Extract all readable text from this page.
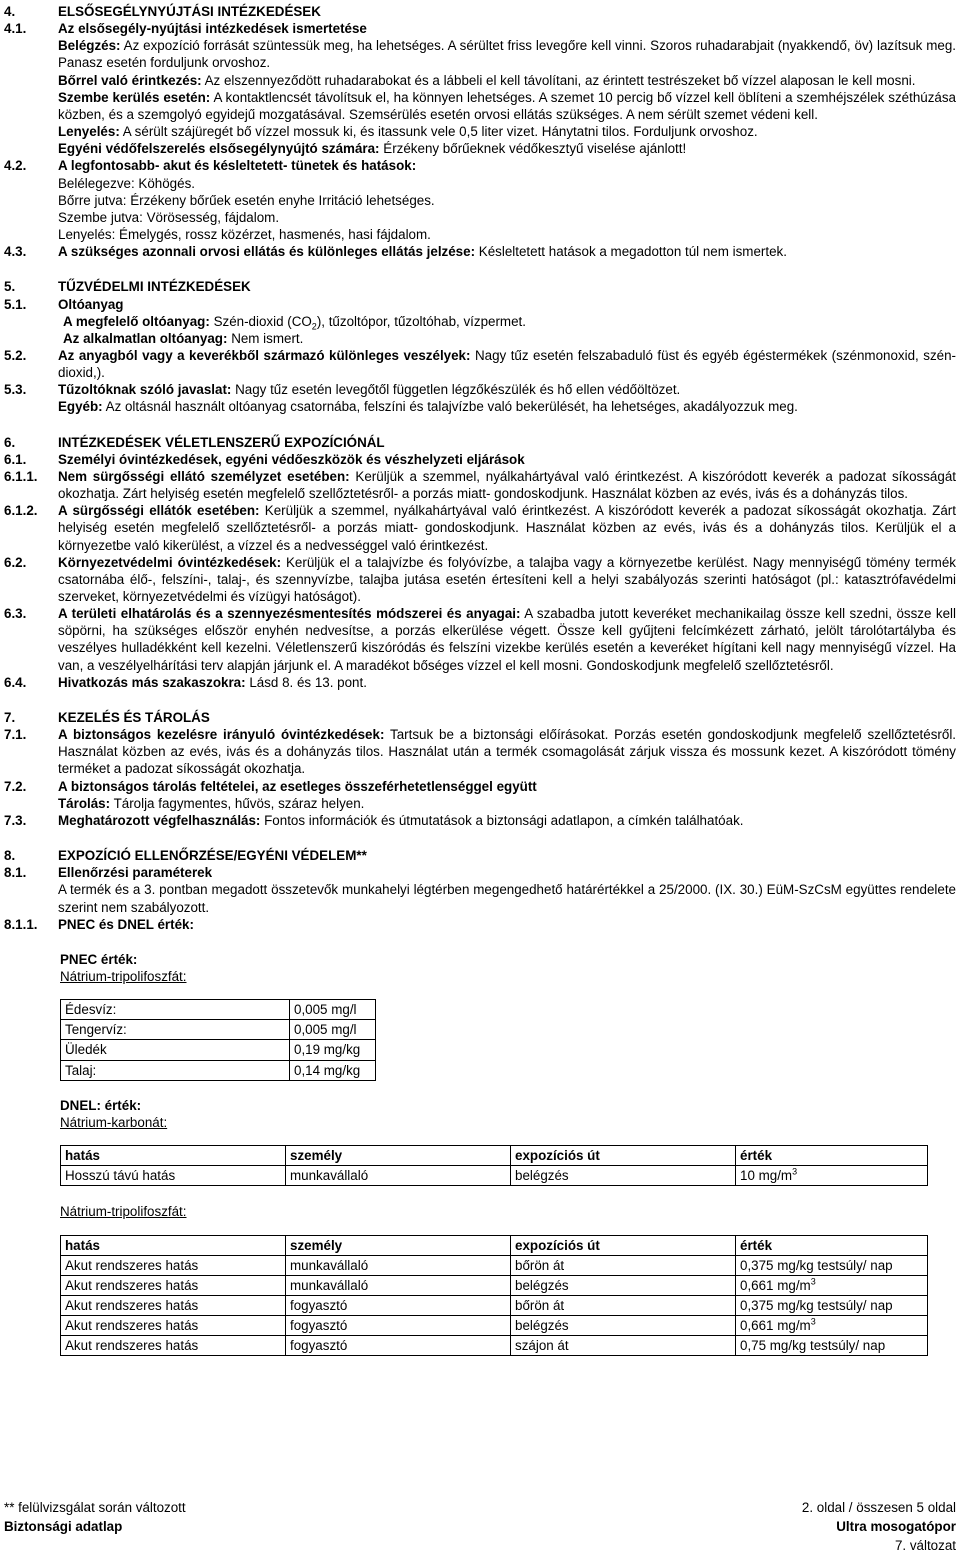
4.	ELSŐSEGÉLYNYÚJTÁSI INTÉZKEDÉSEK
4.1.	Az elsősegély-nyújtási intézkedések ismertetése
Belégzés: Az expozíció forrását szüntessük meg, ha lehetséges. A sérültet friss levegőre kell vinni. Szoros ruhadarabjait (nyakkendő, öv) lazítsuk meg. Panasz esetén forduljunk orvoshoz.
Bőrrel való érintkezés: Az elszennyeződött ruhadarabokat és a lábbeli el kell távolítani, az érintett testrészeket bő vízzel alaposan le kell mosni.
Szembe kerülés esetén: A kontaktlencsét távolítsuk el, ha könnyen lehetséges. A szemet 10 percig bő vízzel kell öblíteni a szemhéjszélek széthúzása közben, és a szemgolyó egyidejű mozgatásával. Szemsérülés esetén orvosi ellátás szükséges. A nem sérült szemet védeni kell.
Lenyelés: A sérült szájüregét bő vízzel mossuk ki, és itassunk vele 0,5 liter vizet. Hánytatni tilos. Forduljunk orvoshoz.
Egyéni védőfelszerelés elsősegélynyújtó számára: Érzékeny bőrűeknek védőkesztyű viselése ajánlott!
4.2.	A legfontosabb- akut és késleltetett- tünetek és hatások:
Belélegezve: Köhögés.
Bőrre jutva: Érzékeny bőrűek esetén enyhe Irritáció lehetséges.
Szembe jutva: Vörösesség, fájdalom.
Lenyelés: Émelygés, rossz közérzet, hasmenés, hasi fájdalom.
4.3.	A szükséges azonnali orvosi ellátás és különleges ellátás jelzése: Késleltetett hatások a megadotton túl nem ismertek.
5.	TŰZVÉDELMI INTÉZKEDÉSEK
5.1.	Oltóanyag
A megfelelő oltóanyag: Szén-dioxid $(CO_2)$, tűzoltópor, tűzoltóhab, vízpermet.
Az alkalmatlan oltóanyag: Nem ismert.
5.2.	Az anyagból vagy a keverékből származó különleges veszélyek: Nagy tűz esetén felszabaduló füst és egyéb égéstermékek (szénmonoxid, szén-dioxid,).
5.3.	Tűzoltóknak szóló javaslat: Nagy tűz esetén levegőtől független légzőkészülék és hő ellen védőöltözet.
Egyéb: Az oltásnál használt oltóanyag csatornába, felszíni és talajvízbe való bekerülését, ha lehetséges, akadályozzuk meg.
6.	INTÉZKEDÉSEK VÉLETLENSZERŰ EXPOZÍCIÓNÁL
6.1.	Személyi óvintézkedések, egyéni védőeszközök és vészhelyzeti eljárások
6.1.1.	Nem sürgősségi ellátó személyzet esetében: Kerüljük a szemmel, nyálkahártyával való érintkezést. A kiszóródott keverék a padozat síkosságát okozhatja. Zárt helyiség esetén megfelelő szellőztetésről- a porzás miatt- gondoskodjunk. Használat közben az evés, ivás és a dohányzás tilos.
6.1.2.	A sürgősségi ellátók esetében: Kerüljük a szemmel, nyálkahártyával való érintkezést. A kiszóródott keverék a padozat síkosságát okozhatja. Zárt helyiség esetén megfelelő szellőztetésről- a porzás miatt- gondoskodjunk. Használat közben az evés, ivás és a dohányzás tilos. Kerüljük el a környezetbe való kikerülést, a vízzel és a nedvességgel való érintkezést.
6.2.	Környezetvédelmi óvintézkedések: Kerüljük el a talajvízbe és folyóvízbe, a talajba vagy a környezetbe kerülést. Nagy mennyiségű tömény termék csatornába élő-, felszíni-, talaj-, és szennyvízbe, talajba jutása esetén értesíteni kell a helyi szabályozás szerinti hatóságot (pl.: katasztrófavédelmi szerveket, környezetvédelmi és vízügyi hatóságot).
6.3.	A területi elhatárolás és a szennyezésmentesítés módszerei és anyagai: A szabadba jutott keveréket mechanikailag össze kell szedni, össze kell söpörni, ha szükséges először enyhén nedvesítse, a porzás elkerülése végett. Össze kell gyűjteni felcímkézett zárható, jelölt tárolótartályba és veszélyes hulladékként kell kezelni. Véletlenszerű kiszóródás és felszíni vizekbe kerülés esetén a keveréket hígítani kell nagy mennyiségű vízzel. Ha van, a veszélyelhárítási terv alapján járjunk el. A maradékot bőséges vízzel el kell mosni. Gondoskodjunk megfelelő szellőztetésről.
6.4.	Hivatkozás más szakaszokra: Lásd 8. és 13. pont.
7.	KEZELÉS ÉS TÁROLÁS
7.1.	A biztonságos kezelésre irányuló óvintézkedések: Tartsuk be a biztonsági előírásokat. Porzás esetén gondoskodjunk megfelelő szellőztetésről. Használat közben az evés, ivás és a dohányzás tilos. Használat után a termék csomagolását zárjuk vissza és mossunk kezet. A kiszóródott tömény terméket a padozat síkosságát okozhatja.
7.2.	A biztonságos tárolás feltételei, az esetleges összeférhetetlenséggel együtt
Tárolás: Tárolja fagymentes, hűvös, száraz helyen.
7.3.	Meghatározott végfelhasználás: Fontos információk és útmutatások a biztonsági adatlapon, a címkén találhatóak.
8.	EXPOZÍCIÓ ELLENŐRZÉSE/EGYÉNI VÉDELEM**
8.1.	Ellenőrzési paraméterek
A termék és a 3. pontban megadott összetevők munkahelyi légtérben megengedhető határértékkel a 25/2000. (IX. 30.) EüM-SzCsM együttes rendelete szerint nem szabályozott.
8.1.1.	PNEC és DNEL érték:
PNEC érték:
Nátrium-tripolifoszfát:
Édesvíz:	0,005 mg/l
Tengervíz:	0,005 mg/l
Üledék	0,19 mg/kg
Talaj:	0,14 mg/kg
DNEL: érték:
Nátrium-karbonát:
hatás	személy	expozíciós út	érték
Hosszú távú hatás	munkavállaló	belégzés	10 $mg/m^3$
Nátrium-tripolifoszfát:
hatás	személy	expozíciós út	érték
Akut rendszeres hatás	munkavállaló	bőrön át	0,375 mg/kg testsúly/ nap
Akut rendszeres hatás	munkavállaló	belégzés	0,661 $mg/m^3$
Akut rendszeres hatás	fogyasztó	bőrön át	0,375 mg/kg testsúly/ nap
Akut rendszeres hatás	fogyasztó	belégzés	0,661 $mg/m^3$
Akut rendszeres hatás	fogyasztó	szájon át	0,75 mg/kg testsúly/ nap
** felülvizsgálat során változott
Biztonsági adatlap
2. oldal / összesen 5 oldal
Ultra mosogatópor
7. változat
